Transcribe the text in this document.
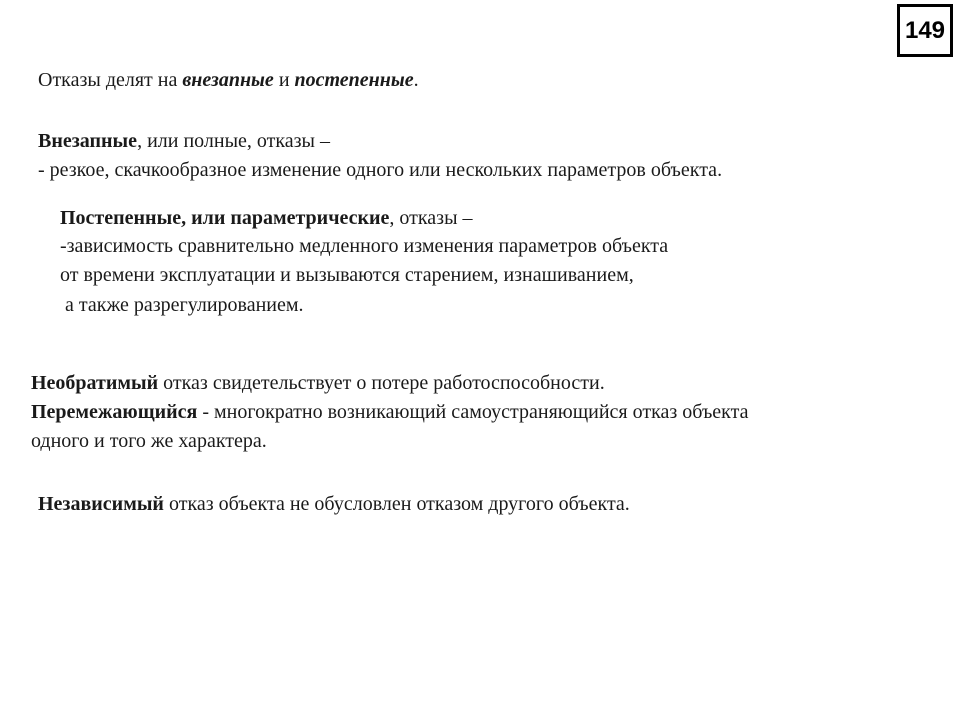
149
Отказы делят на внезапные и постепенные.
Внезапные, или полные, отказы –
- резкое, скачкообразное изменение одного или нескольких параметров объекта.
Постепенные, или параметрические, отказы –
-зависимость сравнительно медленного изменения параметров объекта
от времени эксплуатации и вызываются старением, изнашиванием,
а также разрегулированием.
Необратимый отказ свидетельствует о потере работоспособности.
Перемежающийся - многократно возникающий самоустраняющийся отказ объекта
одного и того же характера.
Независимый отказ объекта не обусловлен отказом другого объекта.
